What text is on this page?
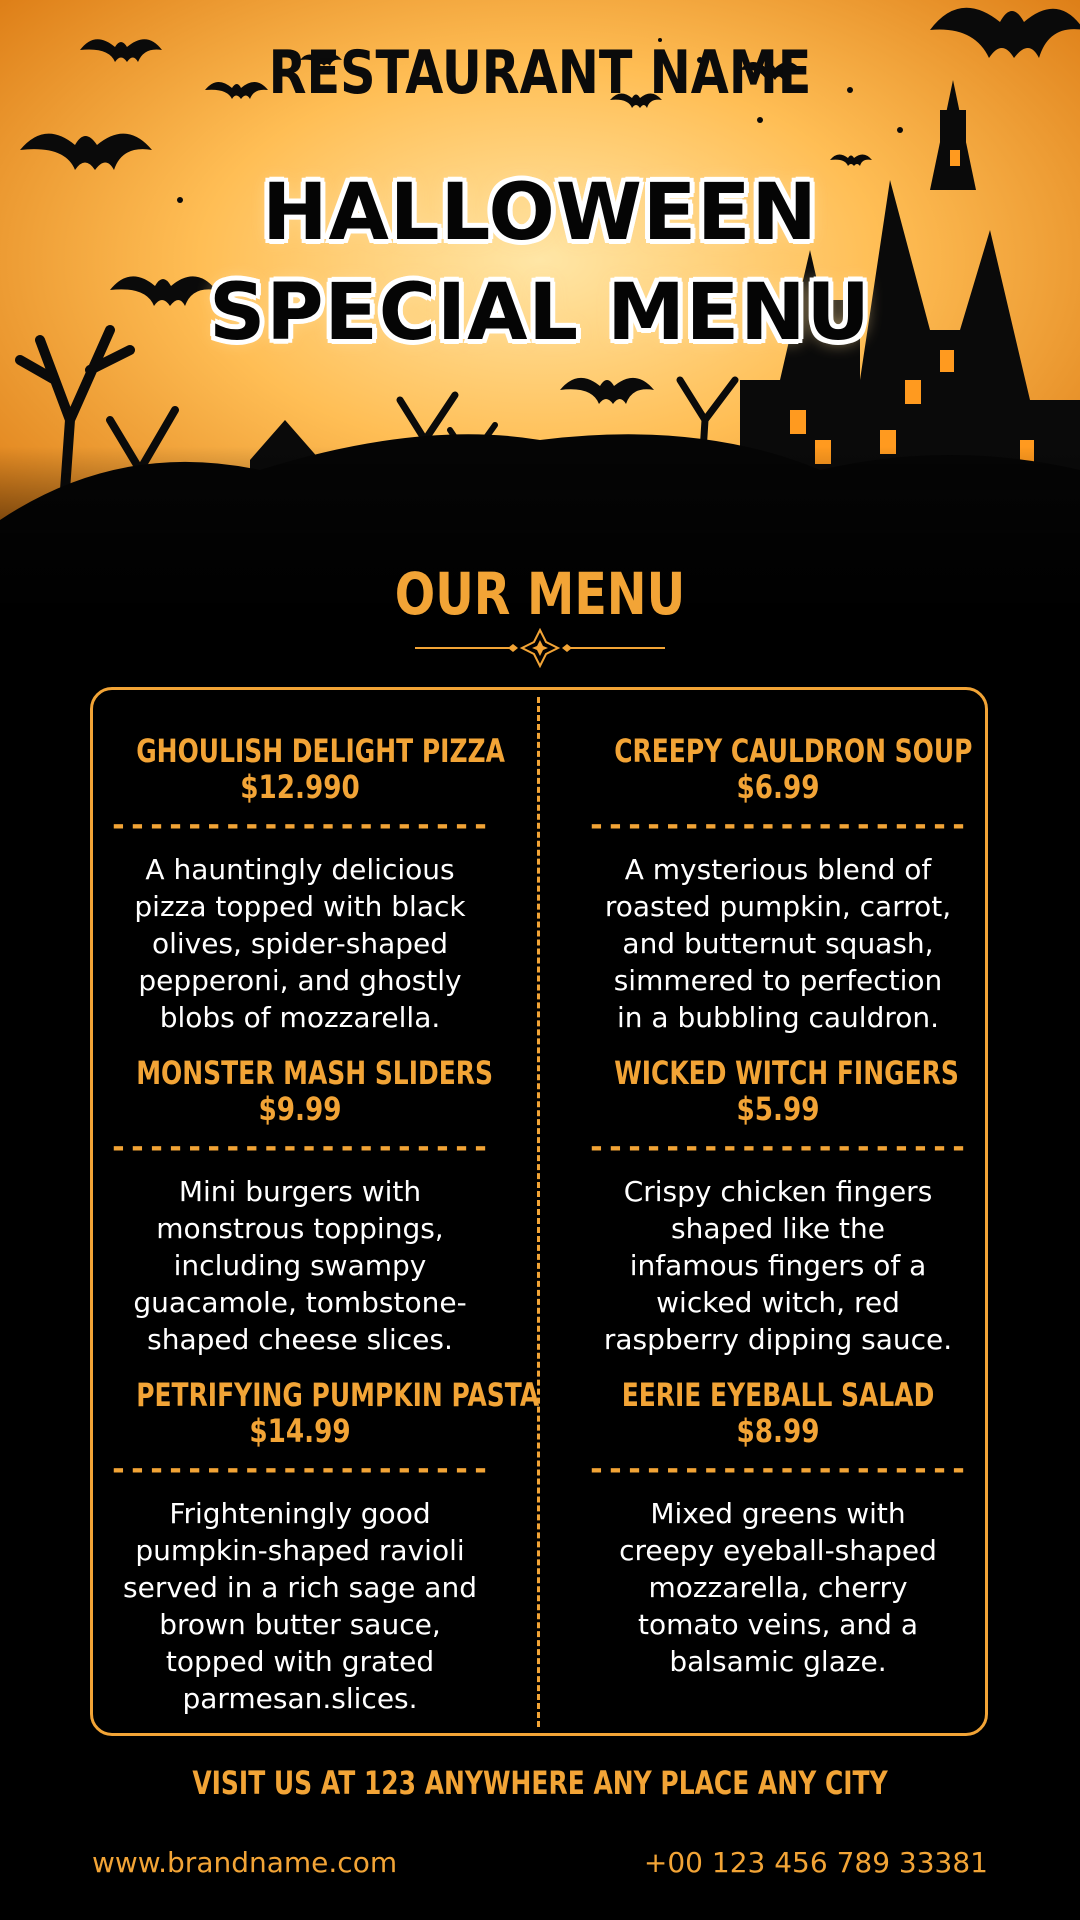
RESTAURANT NAME
HALLOWEEN
SPECIAL MENU
OUR MENU
GHOULISH DELIGHT PIZZA
$12.990
--------------------
A hauntingly delicious
pizza topped with black
olives, spider-shaped
pepperoni, and ghostly
blobs of mozzarella.
MONSTER MASH SLIDERS
$9.99
--------------------
Mini burgers with
monstrous toppings,
including swampy
guacamole, tombstone-
shaped cheese slices.
PETRIFYING PUMPKIN PASTA
$14.99
--------------------
Frighteningly good
pumpkin-shaped ravioli
served in a rich sage and
brown butter sauce,
topped with grated
parmesan.slices.
CREEPY CAULDRON SOUP
$6.99
--------------------
A mysterious blend of
roasted pumpkin, carrot,
and butternut squash,
simmered to perfection
in a bubbling cauldron.
WICKED WITCH FINGERS
$5.99
--------------------
Crispy chicken fingers
shaped like the
infamous fingers of a
wicked witch, red
raspberry dipping sauce.
EERIE EYEBALL SALAD
$8.99
--------------------
Mixed greens with
creepy eyeball-shaped
mozzarella, cherry
tomato veins, and a
balsamic glaze.
VISIT US AT 123 ANYWHERE ANY PLACE ANY CITY
www.brandname.com	+00 123 456 789 33381
